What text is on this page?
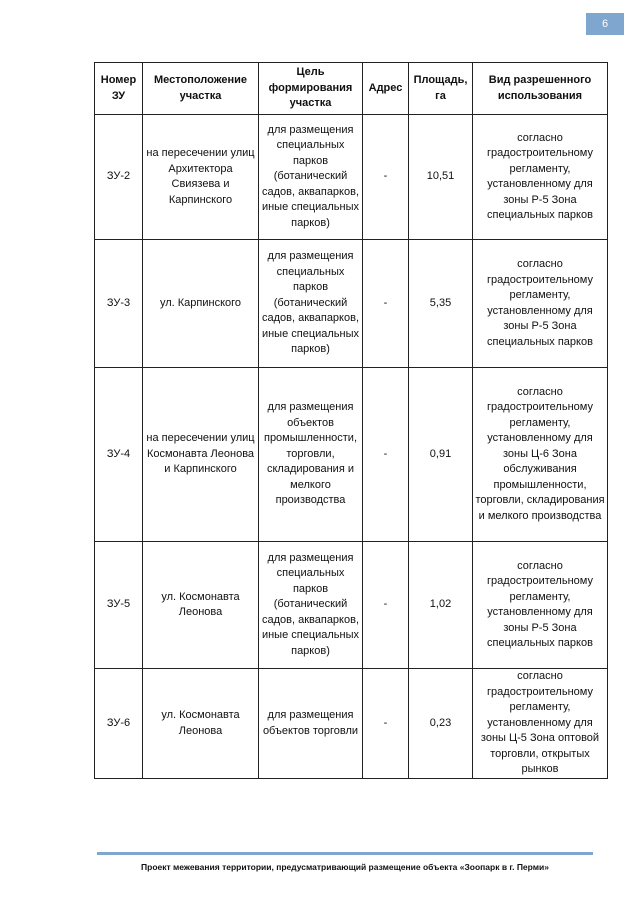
6
Номер ЗУ	Местоположение участка	Цель формирования участка	Адрес	Площадь, га	Вид разрешенного использования
ЗУ-2	на пересечении улиц Архитектора Свиязева и Карпинского	для размещения специальных парков (ботанический садов, аквапарков, иные специальных парков)	-	10,51	согласно градостроительному регламенту, установленному для зоны Р-5 Зона специальных парков
ЗУ-3	ул. Карпинского	для размещения специальных парков (ботанический садов, аквапарков, иные специальных парков)	-	5,35	согласно градостроительному регламенту, установленному для зоны Р-5 Зона специальных парков
ЗУ-4	на пересечении улиц Космонавта Леонова и Карпинского	для размещения объектов промышленности, торговли, складирования и мелкого производства	-	0,91	согласно градостроительному регламенту, установленному для зоны Ц-6 Зона обслуживания промышленности, торговли, складирования и мелкого производства
ЗУ-5	ул. Космонавта Леонова	для размещения специальных парков (ботанический садов, аквапарков, иные специальных парков)	-	1,02	согласно градостроительному регламенту, установленному для зоны Р-5 Зона специальных парков
ЗУ-6	ул. Космонавта Леонова	для размещения объектов торговли	-	0,23	согласно градостроительному регламенту, установленному для зоны Ц-5 Зона оптовой торговли, открытых рынков
Проект межевания территории, предусматривающий размещение объекта «Зоопарк в г. Перми»
